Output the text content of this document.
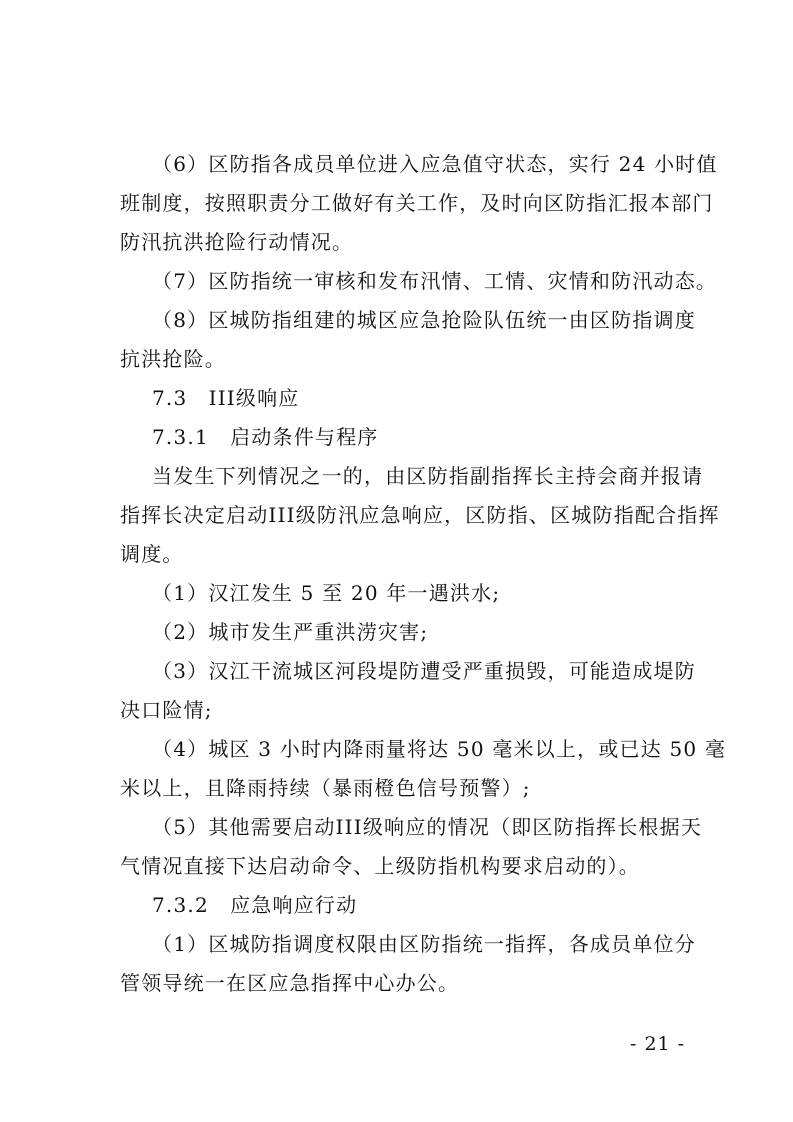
（6）区防指各成员单位进入应急值守状态，实行 24 小时值
班制度，按照职责分工做好有关工作，及时向区防指汇报本部门
防汛抗洪抢险行动情况。
（7）区防指统一审核和发布汛情、工情、灾情和防汛动态。
（8）区城防指组建的城区应急抢险队伍统一由区防指调度
抗洪抢险。
7.3　III级响应
7.3.1　启动条件与程序
当发生下列情况之一的，由区防指副指挥长主持会商并报请
指挥长决定启动III级防汛应急响应，区防指、区城防指配合指挥
调度。
（1）汉江发生 5 至 20 年一遇洪水;
（2）城市发生严重洪涝灾害;
（3）汉江干流城区河段堤防遭受严重损毁，可能造成堤防
决口险情;
（4）城区 3 小时内降雨量将达 50 毫米以上，或已达 50 毫
米以上，且降雨持续（暴雨橙色信号预警）;
（5）其他需要启动III级响应的情况（即区防指挥长根据天
气情况直接下达启动命令、上级防指机构要求启动的）。
7.3.2　应急响应行动
（1）区城防指调度权限由区防指统一指挥，各成员单位分
管领导统一在区应急指挥中心办公。
- 21 -
